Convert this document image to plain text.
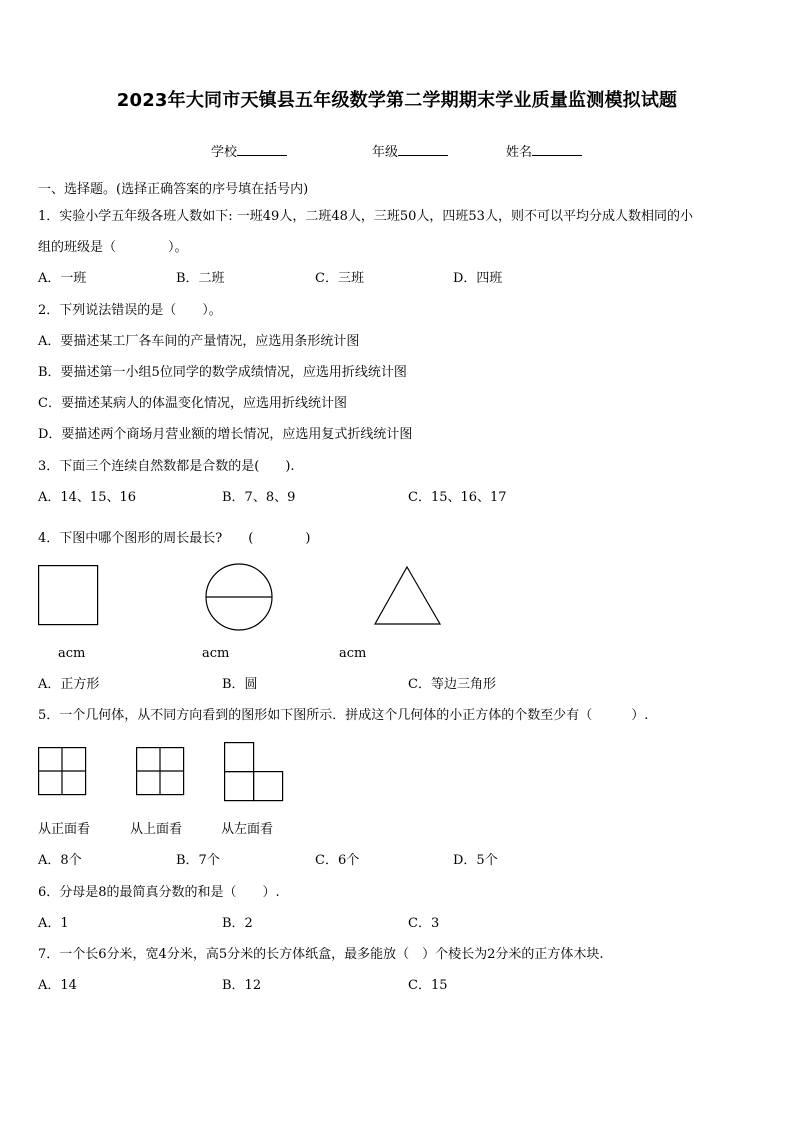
2023年大同市天镇县五年级数学第二学期期末学业质量监测模拟试题
学校	年级	姓名
一、选择题。(选择正确答案的序号填在括号内)
1．实验小学五年级各班人数如下: 一班49人，二班48人，三班50人，四班53人，则不可以平均分成人数相同的小
组的班级是（　　　　）。
A．一班	B．二班	C．三班	D．四班
2．下列说法错误的是（　　）。
A．要描述某工厂各车间的产量情况，应选用条形统计图
B．要描述第一小组5位同学的数学成绩情况，应选用折线统计图
C．要描述某病人的体温变化情况，应选用折线统计图
D．要描述两个商场月营业额的增长情况，应选用复式折线统计图
3．下面三个连续自然数都是合数的是(　　).
A．14、15、16	B．7、8、9	C．15、16、17
4．下图中哪个图形的周长最长?　　(　　　　)
acm	acm	acm
A．正方形	B．圆	C．等边三角形
5．一个几何体，从不同方向看到的图形如下图所示．拼成这个几何体的小正方体的个数至少有（　　　）.
从正面看	从上面看	从左面看
A．8个	B．7个	C．6个	D．5个
6．分母是8的最简真分数的和是（　　）.
A．1	B．2	C．3
7．一个长6分米，宽4分米，高5分米的长方体纸盒，最多能放（　）个棱长为2分米的正方体木块.
A．14	B．12	C．15
